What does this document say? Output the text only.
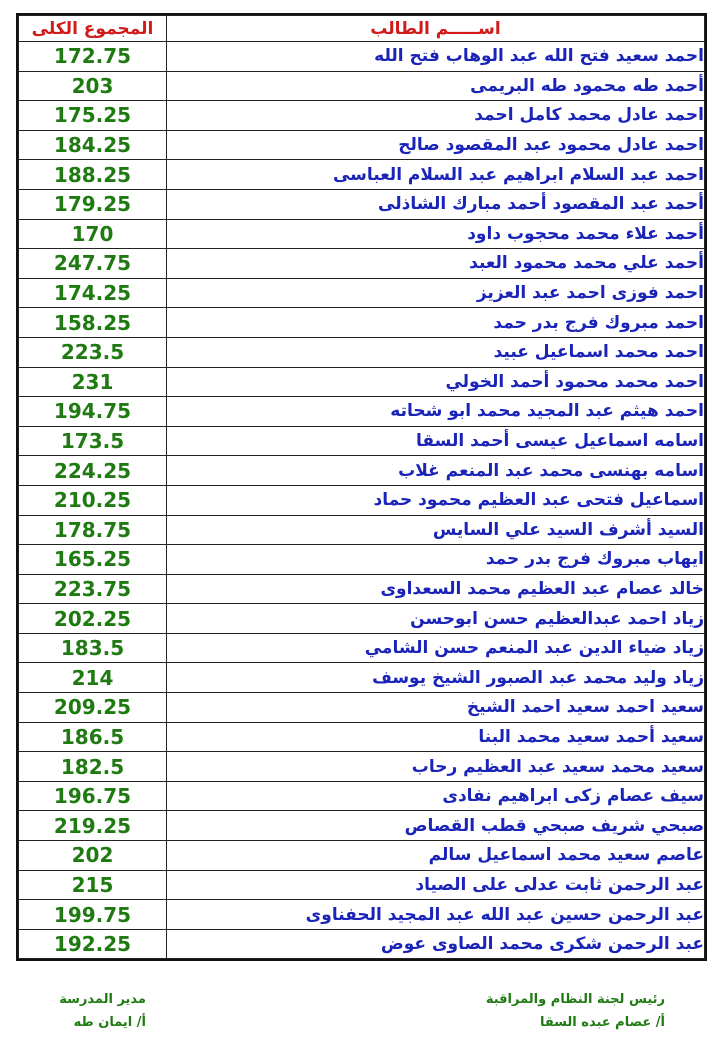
المجموع الكلى	اســـــم الطالب
172.75	احمد سعيد فتح الله عبد الوهاب فتح الله
203	أحمد طه محمود طه البريمى
175.25	احمد عادل محمد كامل احمد
184.25	احمد عادل محمود عبد المقصود صالح
188.25	احمد عبد السلام ابراهيم عبد السلام العباسى
179.25	أحمد عبد المقصود أحمد مبارك الشاذلى
170	أحمد علاء محمد محجوب داود
247.75	أحمد علي محمد محمود العبد
174.25	احمد فوزى احمد عبد العزيز
158.25	احمد مبروك فرج بدر حمد
223.5	احمد محمد اسماعيل عبيد
231	احمد محمد محمود أحمد الخولي
194.75	احمد هيثم عبد المجيد محمد ابو شحاته
173.5	اسامه اسماعيل عيسى أحمد السقا
224.25	اسامه بهنسى محمد عبد المنعم غلاب
210.25	اسماعيل فتحى عبد العظيم محمود حماد
178.75	السيد أشرف السيد علي السايس
165.25	ايهاب مبروك فرج بدر حمد
223.75	خالد عصام عبد العظيم محمد السعداوى
202.25	زياد احمد عبدالعظيم حسن ابوحسن
183.5	زياد ضياء الدين عبد المنعم حسن الشامي
214	زياد وليد محمد عبد الصبور الشيخ يوسف
209.25	سعيد احمد سعيد احمد الشيخ
186.5	سعيد أحمد سعيد محمد البنا
182.5	سعيد محمد سعيد عبد العظيم رحاب
196.75	سيف عصام زكى ابراهيم نفادى
219.25	صبحي شريف صبحي قطب القصاص
202	عاصم سعيد محمد اسماعيل سالم
215	عبد الرحمن ثابت عدلى على الصياد
199.75	عبد الرحمن حسين عبد الله عبد المجيد الحفناوى
192.25	عبد الرحمن شكرى محمد الصاوى عوض
مدير المدرسة
أ/ ايمان طه
رئيس لجنة النظام والمراقبة
أ/ عصام عبده السقا
